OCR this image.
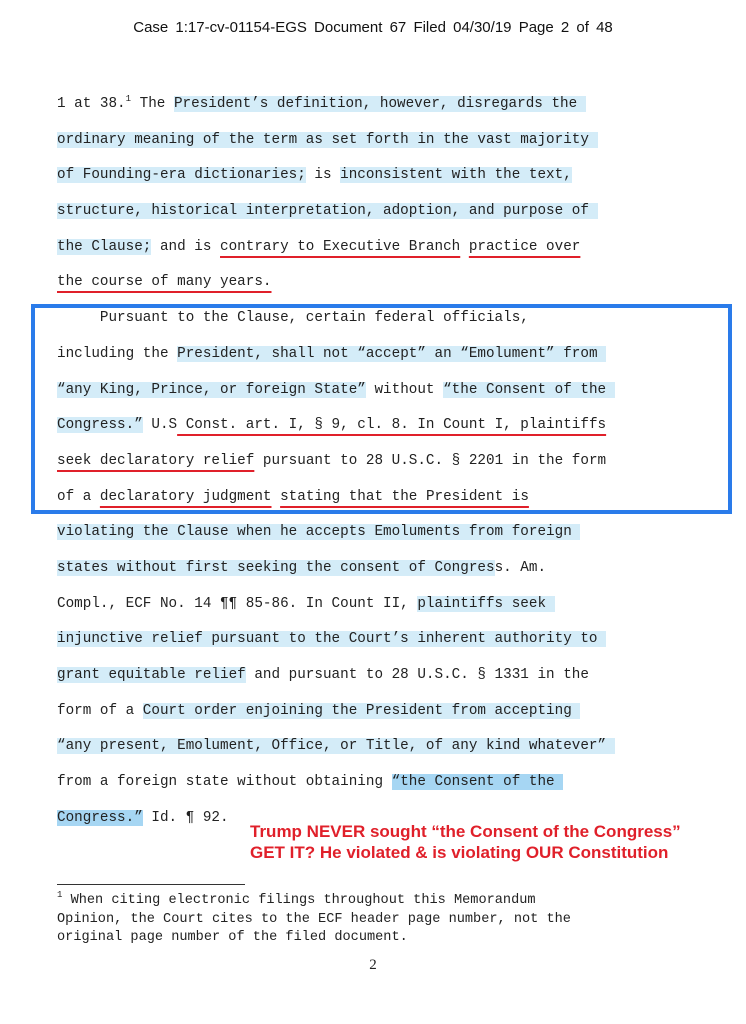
Case 1:17-cv-01154-EGS Document 67 Filed 04/30/19 Page 2 of 48
1 at 38.$^1$ The President’s definition, however, disregards the
ordinary meaning of the term as set forth in the vast majority
of Founding-era dictionaries; is inconsistent with the text,
structure, historical interpretation, adoption, and purpose of
the Clause; and is contrary to Executive Branch practice over
the course of many years.
Pursuant to the Clause, certain federal officials,
including the President, shall not “accept” an “Emolument” from
“any King, Prince, or foreign State” without “the Consent of the
Congress.” U.S Const. art. I, § 9, cl. 8. In Count I, plaintiffs
seek declaratory relief pursuant to 28 U.S.C. § 2201 in the form
of a declaratory judgment stating that the President is
violating the Clause when he accepts Emoluments from foreign
states without first seeking the consent of Congress. Am.
Compl., ECF No. 14 ¶¶ 85-86. In Count II, plaintiffs seek
injunctive relief pursuant to the Court’s inherent authority to
grant equitable relief and pursuant to 28 U.S.C. § 1331 in the
form of a Court order enjoining the President from accepting
“any present, Emolument, Office, or Title, of any kind whatever”
from a foreign state without obtaining “the Consent of the
Congress.” Id. ¶ 92.
Trump NEVER sought “the Consent of the Congress”
GET IT? He violated & is violating OUR Constitution
$^1$ When citing electronic filings throughout this Memorandum
Opinion, the Court cites to the ECF header page number, not the
original page number of the filed document.
2
